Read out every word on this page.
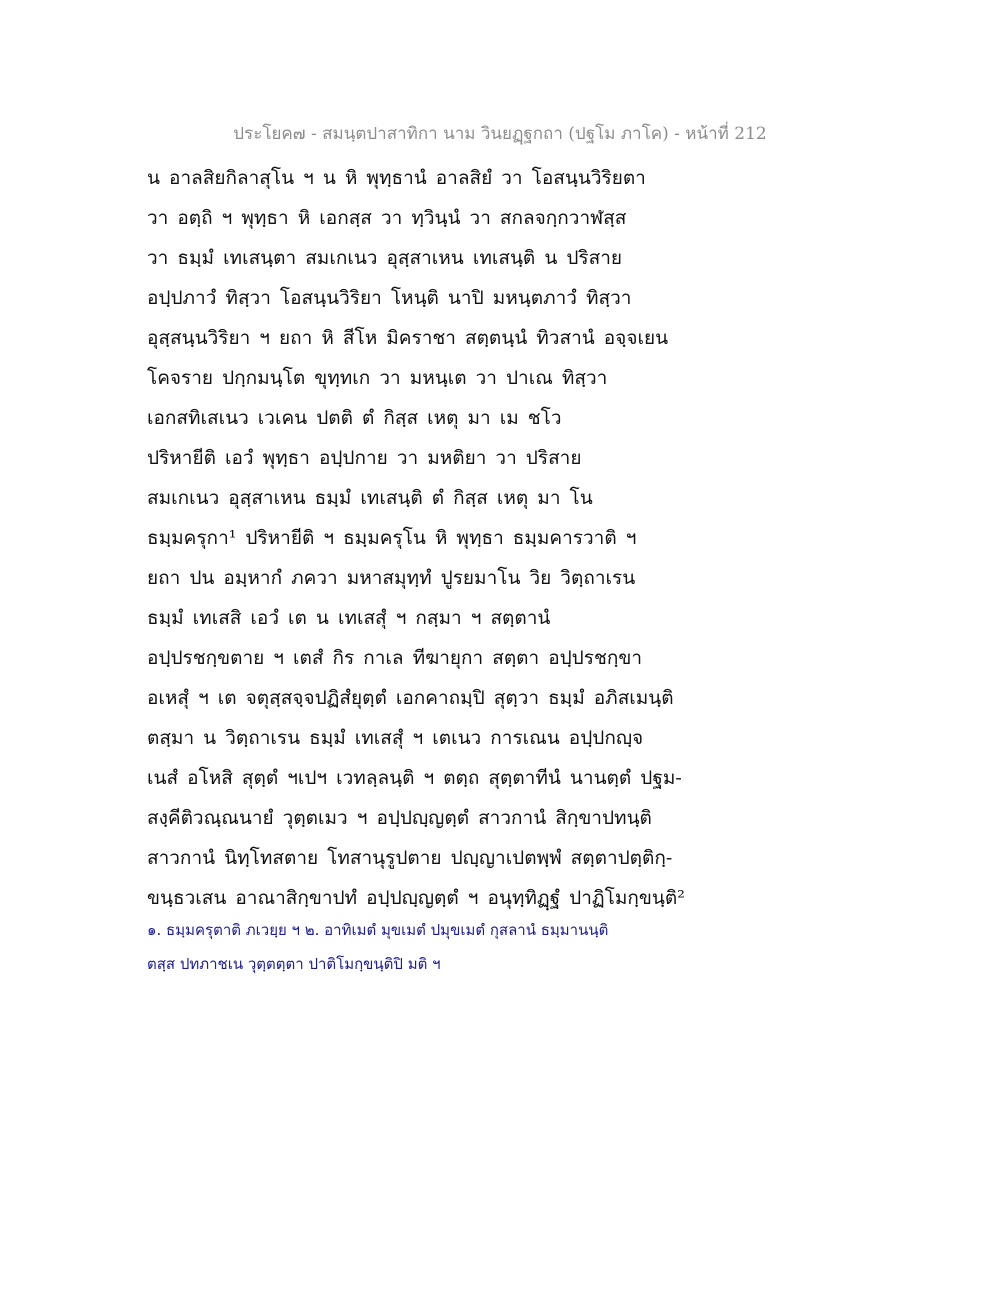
ประโยค๗ - สมนฺตปาสาทิกา นาม วินยฏฺฐกถา (ปฐโม ภาโค) - หน้าที่ 212
น อาลสิยกิลาสุโน ฯ น หิ พุทฺธานํ อาลสิยํ วา โอสนฺนวิริยตา
วา อตฺถิ ฯ พุทฺธา หิ เอกสฺส วา ทฺวินฺนํ วา สกลจกฺกวาฬสฺส
วา ธมฺมํ เทเสนฺตา สมเกเนว อุสฺสาเหน เทเสนฺติ น ปริสาย
อปฺปภาวํ ทิสฺวา โอสนฺนวิริยา โหนฺติ นาปิ มหนฺตภาวํ ทิสฺวา
อุสฺสนฺนวิริยา ฯ ยถา หิ สีโห มิคราชา สตฺตนฺนํ ทิวสานํ อจฺจเยน
โคจราย ปกฺกมนฺโต ขุทฺทเก วา มหนฺเต วา ปาเณ ทิสฺวา
เอกสทิเสเนว เวเคน ปตติ ตํ กิสฺส เหตุ มา เม ชโว
ปริหายีติ เอวํ พุทฺธา อปฺปกาย วา มหติยา วา ปริสาย
สมเกเนว อุสฺสาเหน ธมฺมํ เทเสนฺติ ตํ กิสฺส เหตุ มา โน
ธมฺมครุกา¹ ปริหายีติ ฯ ธมฺมครุโน หิ พุทฺธา ธมฺมคารวาติ ฯ
ยถา ปน อมฺหากํ ภควา มหาสมุทฺทํ ปูรยมาโน วิย วิตฺถาเรน
ธมฺมํ เทเสสิ เอวํ เต น เทเสสุํ ฯ กสฺมา ฯ สตฺตานํ
อปฺปรชกฺขตาย ฯ เตสํ กิร กาเล ทีฆายุกา สตฺตา อปฺปรชกฺขา
อเหสุํ ฯ เต จตุสฺสจฺจปฏิสํยุตฺตํ เอกคาถมฺปิ สุตฺวา ธมฺมํ อภิสเมนฺติ
ตสฺมา น วิตฺถาเรน ธมฺมํ เทเสสุํ ฯ เตเนว การเณน อปฺปกญฺจ
เนสํ อโหสิ สุตฺตํ ฯเปฯ เวทลฺลนฺติ ฯ ตตฺถ สุตฺตาทีนํ นานตฺตํ ปฐม-
สงฺคีติวณฺณนายํ วุตฺตเมว ฯ อปฺปญฺญตฺตํ สาวกานํ สิกฺขาปทนฺติ
สาวกานํ นิทฺโทสตาย โทสานุรูปตาย ปญฺญาเปตพฺพํ สตฺตาปตฺติกฺ-
ขนฺธวเสน อาณาสิกฺขาปทํ อปฺปญฺญตฺตํ ฯ อนุทฺทิฏฺฐํ ปาฏิโมกฺขนฺติ²
๑. ธมฺมครุตาติ ภเวยฺย ฯ ๒. อาทิเมตํ มุขเมตํ ปมุขเมตํ กุสลานํ ธมฺมานนฺติ
ตสฺส ปทภาชเน วุตฺตตฺตา ปาติโมกฺขนฺติปิ มติ ฯ
